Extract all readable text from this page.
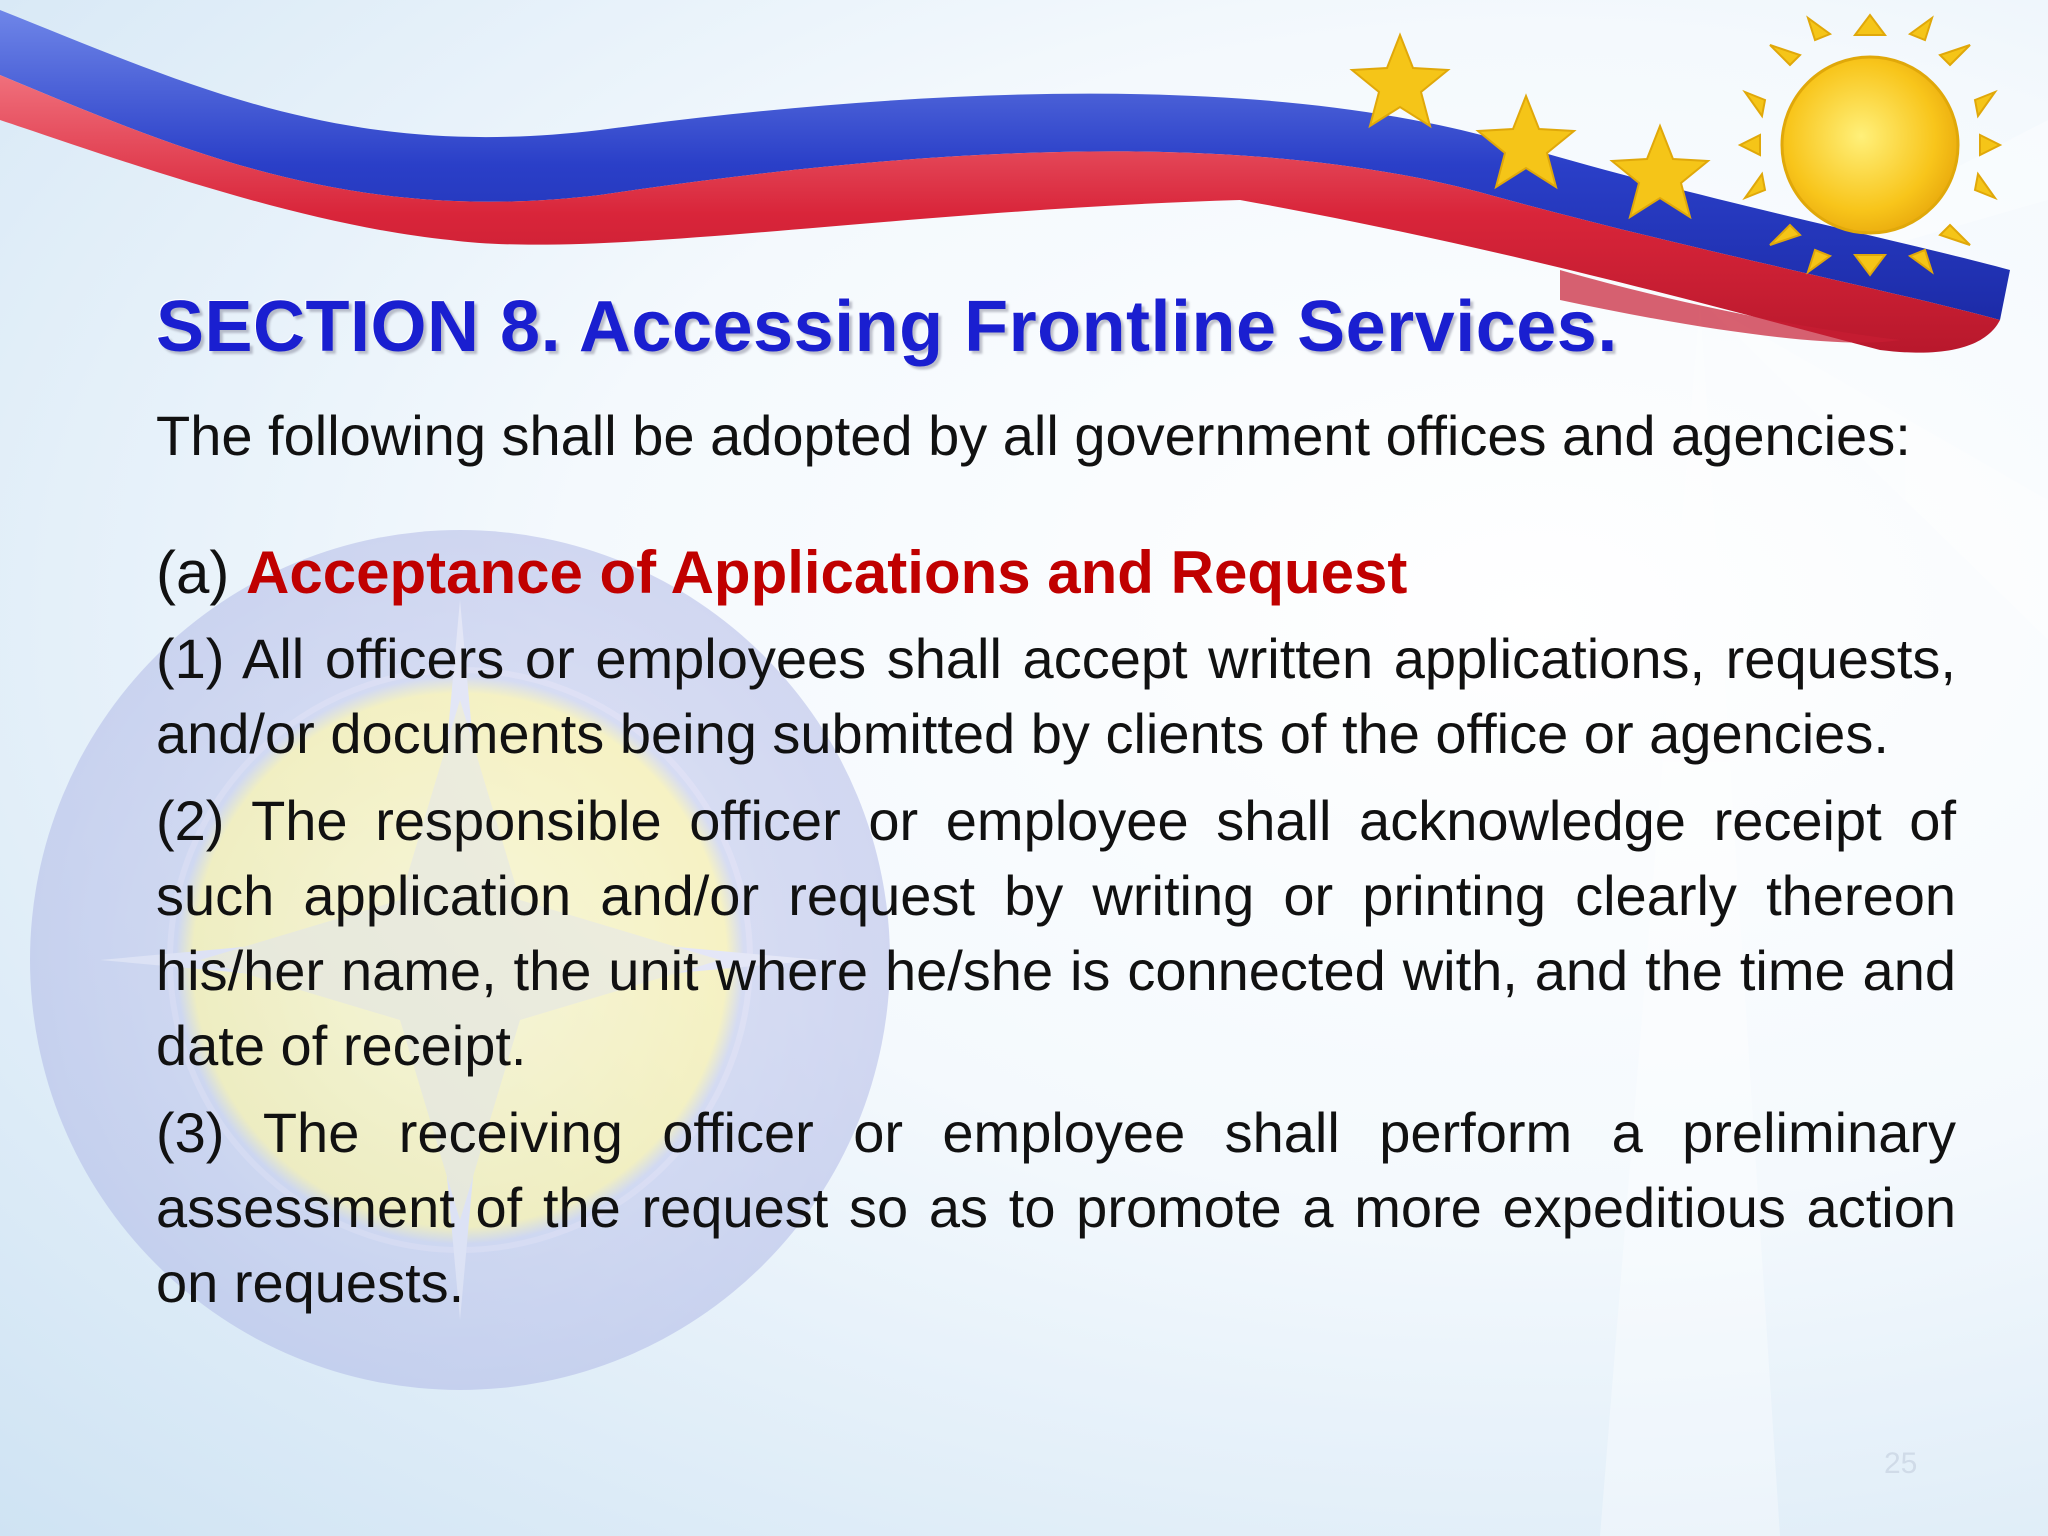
SECTION 8. Accessing Frontline Services.

The following shall be adopted by all government offices and agencies:

(a) Acceptance of Applications and Request

(1) All officers or employees shall accept written applications, requests, and/or documents being submitted by clients of the office or agencies.

(2) The responsible officer or employee shall acknowledge receipt of such application and/or request by writing or printing clearly thereon his/her name, the unit where he/she is connected with, and the time and date of receipt.

(3) The receiving officer or employee shall perform a preliminary assessment of the request so as to promote a more expeditious action on requests.

25
